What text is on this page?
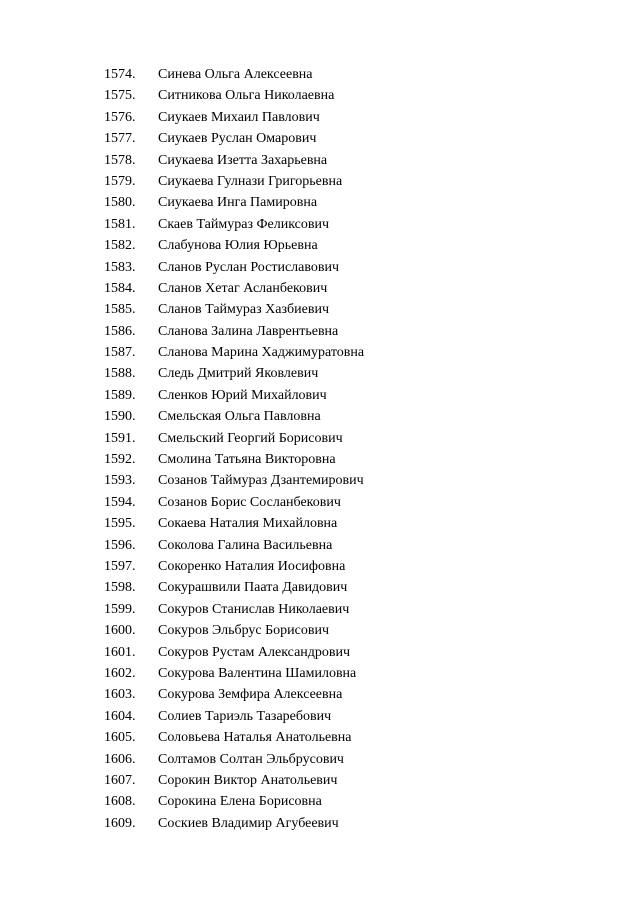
1574.	Синева Ольга Алексеевна
1575.	Ситникова Ольга Николаевна
1576.	Сиукаев Михаил Павлович
1577.	Сиукаев Руслан Омарович
1578.	Сиукаева Изетта Захарьевна
1579.	Сиукаева Гулнази Григорьевна
1580.	Сиукаева Инга Памировна
1581.	Скаев Таймураз Феликсович
1582.	Слабунова Юлия Юрьевна
1583.	Сланов Руслан Ростиславович
1584.	Сланов Хетаг Асланбекович
1585.	Сланов Таймураз Хазбиевич
1586.	Сланова Залина Лаврентьевна
1587.	Сланова Марина Хаджимуратовна
1588.	Следь Дмитрий Яковлевич
1589.	Сленков Юрий Михайлович
1590.	Смельская Ольга Павловна
1591.	Смельский Георгий Борисович
1592.	Смолина Татьяна Викторовна
1593.	Созанов Таймураз Дзантемирович
1594.	Созанов Борис Сосланбекович
1595.	Сокаева Наталия Михайловна
1596.	Соколова Галина Васильевна
1597.	Сокоренко Наталия Иосифовна
1598.	Сокурашвили Паата Давидович
1599.	Сокуров Станислав Николаевич
1600.	Сокуров Эльбрус Борисович
1601.	Сокуров Рустам Александрович
1602.	Сокурова Валентина Шамиловна
1603.	Сокурова Земфира Алексеевна
1604.	Солиев Тариэль Тазаребович
1605.	Соловьева Наталья Анатольевна
1606.	Солтамов Солтан Эльбрусович
1607.	Сорокин Виктор Анатольевич
1608.	Сорокина Елена Борисовна
1609.	Соскиев Владимир Агубеевич
